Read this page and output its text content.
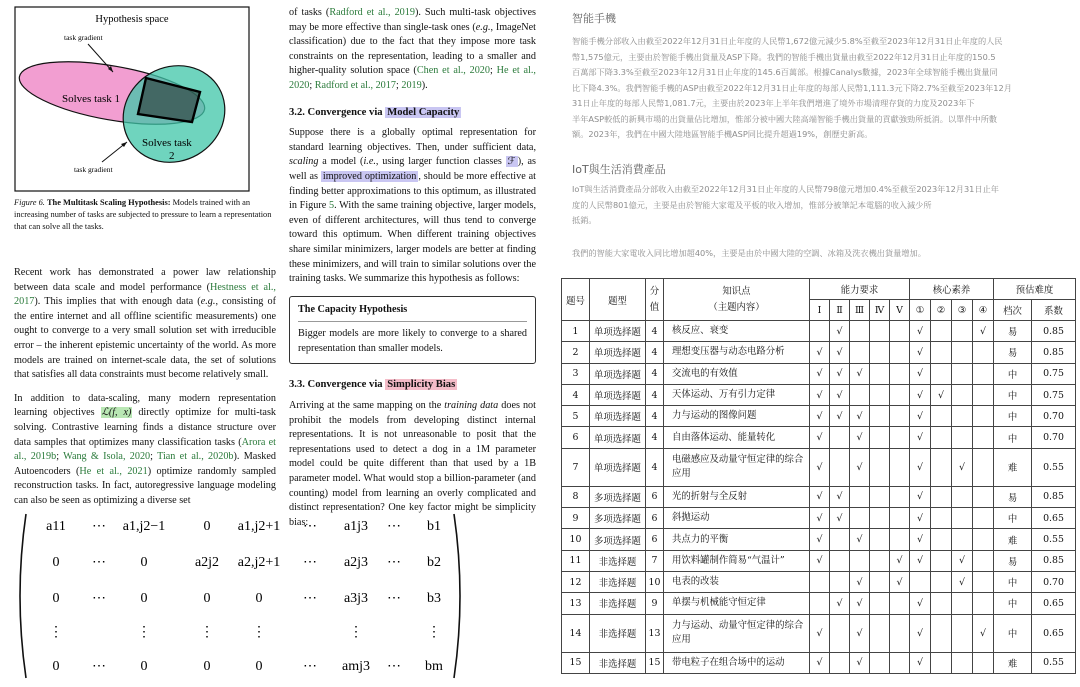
Hypothesis space
task gradient
Solves task 1
Solves task
2
task gradient
Figure 6. The Multitask Scaling Hypothesis: Models trained with an increasing number of tasks are subjected to pressure to learn a representation that can solve all the tasks.

Recent work has demonstrated a power law relationship between data scale and model performance (Hestness et al., 2017). This implies that with enough data (e.g., consisting of the entire internet and all offline scientific measurements) one ought to converge to a very small solution set with irreducible error – the inherent epistemic uncertainty of the world. As more models are trained on internet-scale data, the set of solutions that satisfies all data constraints must become relatively small.

In addition to data-scaling, many modern representation learning objectives ℒ(f, x) directly optimize for multi-task solving. Contrastive learning finds a distance structure over data samples that optimizes many classification tasks (Arora et al., 2019b; Wang & Isola, 2020; Tian et al., 2020b). Masked Autoencoders (He et al., 2021) optimize randomly sampled reconstruction tasks. In fact, autoregressive language modeling can also be seen as optimizing a diverse set

of tasks (Radford et al., 2019). Such multi-task objectives may be more effective than single-task ones (e.g., ImageNet classification) due to the fact that they impose more task constraints on the representation, leading to a smaller and higher-quality solution space (Chen et al., 2020; He et al., 2020; Radford et al., 2017; 2019).

3.2. Convergence via Model Capacity

Suppose there is a globally optimal representation for standard learning objectives. Then, under sufficient data, scaling a model (i.e., using larger function classes ℱ ), as well as improved optimization , should be more effective at finding better approximations to this optimum, as illustrated in Figure 5. With the same training objective, larger models, even of different architectures, will thus tend to converge toward this optimum. When different training objectives share similar minimizers, larger models are better at finding these minimizers, and will train to similar solutions over the training tasks. We summarize this hypothesis as follows:

The Capacity Hypothesis
Bigger models are more likely to converge to a shared representation than smaller models.
3.3. Convergence via Simplicity Bias

Arriving at the same mapping on the training data does not prohibit the models from developing distinct internal representations. It is not unreasonable to posit that the representations used to detect a dog in a 1M parameter model could be quite different than that used by a 1B parameter model. What would stop a billion-parameter (and counting) model from learning an overly complicated and distinct representation? One key factor might be simplicity bias:

a11 ⋯ a1,j2−1	0 a1,j2+1 ⋯ a1j3 ⋯ b1
0 ⋯ 0	a2j2 a2,j2+1 ⋯ a2j3 ⋯ b2
0 ⋯ 0	0	0	⋯ a3j3 ⋯ b3
⋮	⋮	⋮	⋮	⋮	⋮
0 ⋯ 0	0	0	⋯ amj3 ⋯ bm
智能手機
智能手機分部收入由截至2022年12月31日止年度的人民幣1,672億元減少5.8%至截至2023年12月31日止年度的人民
幣1,575億元，主要由於智能手機出貨量及ASP下降。我們的智能手機出貨量由截至2022年12月31日止年度的150.5
百萬部下降3.3%至截至2023年12月31日止年度的145.6百萬部。根據Canalys數據，2023年全球智能手機出貨量同
比下降4.3%。我們智能手機的ASP由截至2022年12月31日止年度的每部人民幣1,111.3元下降2.7%至截至2023年12月
31日止年度的每部人民幣1,081.7元，主要由於2023年上半年我們增進了境外市場清理存貨的力度及2023年下
半年ASP較低的新興市場的出貨量佔比增加，惟部分被中國大陸高端智能手機出貨量的貢獻強勁所抵消。以單件中所數
額。2023年，我們在中國大陸地區智能手機ASP同比提升超過19%，創歷史新高。
IoT與生活消費產品
IoT與生活消費產品分部收入由截至2022年12月31日止年度的人民幣798億元增加0.4%至截至2023年12月31日止年
度的人民幣801億元，主要是由於智能大家電及平板的收入增加，惟部分被筆記本電腦的收入減少所
抵銷。
我們的智能大家電收入同比增加超40%，主要是由於中國大陸的空調、冰箱及洗衣機出貨量增加。
题号	题型	分
值	知识点
（主题内容）	能力要求					核心素养				预估难度	
				Ⅰ	Ⅱ	Ⅲ	Ⅳ	Ⅴ	①	②	③	④	档次	系数
1	单项选择题	4	核反应、衰变		√				√			√	易	0.85
2	单项选择题	4	理想变压器与动态电路分析	√	√				√				易	0.85
3	单项选择题	4	交流电的有效值	√	√	√			√				中	0.75
4	单项选择题	4	天体运动、万有引力定律	√	√				√	√			中	0.75
5	单项选择题	4	力与运动的图像问题	√	√	√			√				中	0.70
6	单项选择题	4	自由落体运动、能量转化	√		√			√				中	0.70
7	单项选择题	4	电磁感应及动量守恒定律的综合应用	√		√			√		√		难	0.55
8	多项选择题	6	光的折射与全反射	√	√				√				易	0.85
9	多项选择题	6	斜抛运动	√	√				√				中	0.65
10	多项选择题	6	共点力的平衡	√		√			√				难	0.55
11	非选择题	7	用饮料罐制作简易“气温计”	√				√	√		√		易	0.85
12	非选择题	10	电表的改装			√		√			√		中	0.70
13	非选择题	9	单摆与机械能守恒定律		√	√			√				中	0.65
14	非选择题	13	力与运动、动量守恒定律的综合应用	√		√			√			√	中	0.65
15	非选择题	15	带电粒子在组合场中的运动	√		√			√				难	0.55
